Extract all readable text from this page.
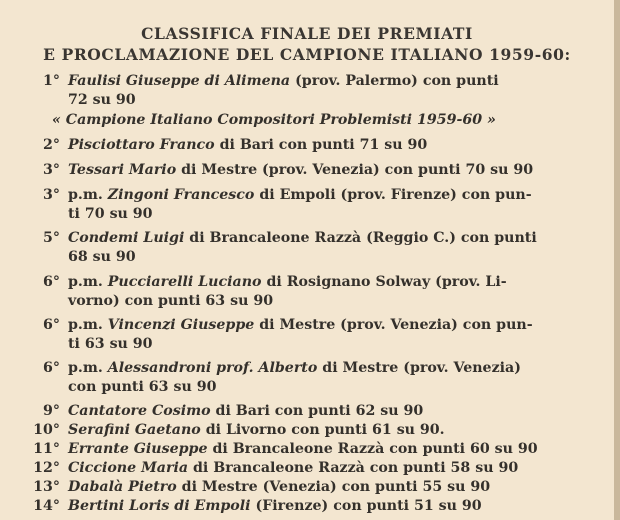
CLASSIFICA FINALE DEI PREMIATI
E PROCLAMAZIONE DEL CAMPIONE ITALIANO 1959-60:
1° Faulisi Giuseppe di Alimena (prov. Palermo) con punti
72 su 90
« Campione Italiano Compositori Problemisti 1959-60 »
2° Pisciottaro Franco di Bari con punti 71 su 90
3° Tessari Mario di Mestre (prov. Venezia) con punti 70 su 90
3° p.m. Zingoni Francesco di Empoli (prov. Firenze) con pun-
ti 70 su 90
5° Condemi Luigi di Brancaleone Razzà (Reggio C.) con punti
68 su 90
6° p.m. Pucciarelli Luciano di Rosignano Solway (prov. Li-
vorno) con punti 63 su 90
6° p.m. Vincenzi Giuseppe di Mestre (prov. Venezia) con pun-
ti 63 su 90
6° p.m. Alessandroni prof. Alberto di Mestre (prov. Venezia)
con punti 63 su 90
9° Cantatore Cosimo di Bari con punti 62 su 90
10° Serafini Gaetano di Livorno con punti 61 su 90.
11° Errante Giuseppe di Brancaleone Razzà con punti 60 su 90
12° Ciccione Maria di Brancaleone Razzà con punti 58 su 90
13° Dabalà Pietro di Mestre (Venezia) con punti 55 su 90
14° Bertini Loris di Empoli (Firenze) con punti 51 su 90
